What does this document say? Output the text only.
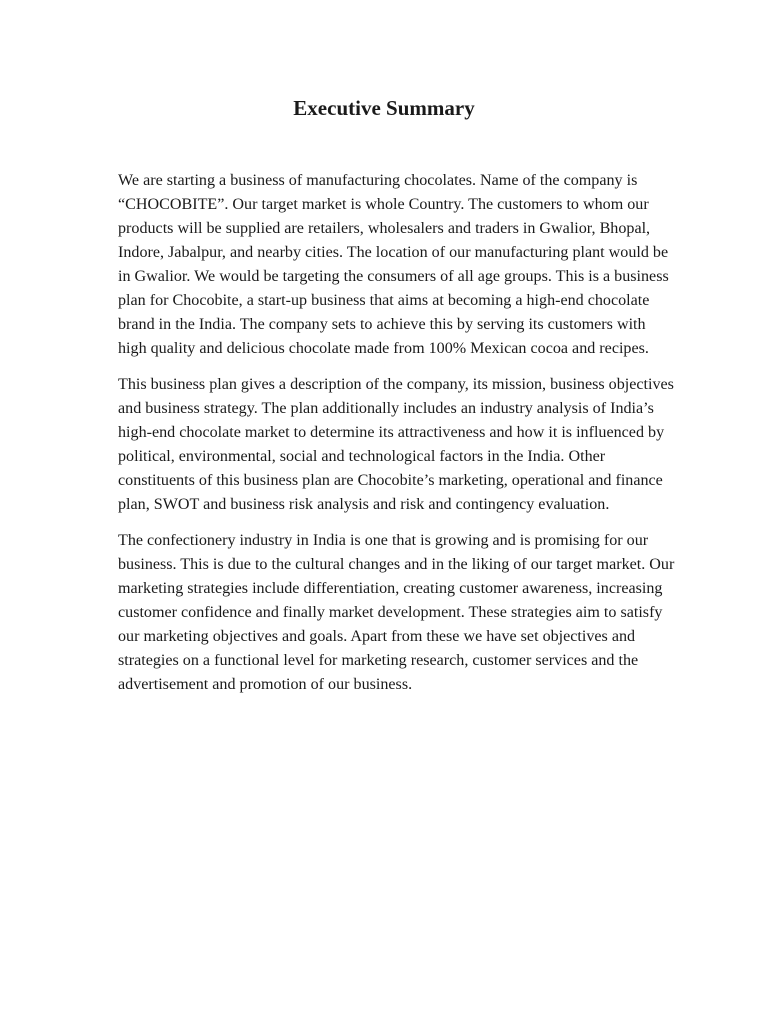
Executive Summary

We are starting a business of manufacturing chocolates. Name of the company is “CHOCOBITE”. Our target market is whole Country. The customers to whom our products will be supplied are retailers, wholesalers and traders in Gwalior, Bhopal, Indore, Jabalpur, and nearby cities. The location of our manufacturing plant would be in Gwalior. We would be targeting the consumers of all age groups. This is a business plan for Chocobite, a start-up business that aims at becoming a high-end chocolate brand in the India. The company sets to achieve this by serving its customers with high quality and delicious chocolate made from 100% Mexican cocoa and recipes.

This business plan gives a description of the company, its mission, business objectives and business strategy. The plan additionally includes an industry analysis of India’s high-end chocolate market to determine its attractiveness and how it is influenced by political, environmental, social and technological factors in the India. Other constituents of this business plan are Chocobite’s marketing, operational and finance plan, SWOT and business risk analysis and risk and contingency evaluation.

The confectionery industry in India is one that is growing and is promising for our business. This is due to the cultural changes and in the liking of our target market. Our marketing strategies include differentiation, creating customer awareness, increasing customer confidence and finally market development. These strategies aim to satisfy our marketing objectives and goals. Apart from these we have set objectives and strategies on a functional level for marketing research, customer services and the advertisement and promotion of our business.
